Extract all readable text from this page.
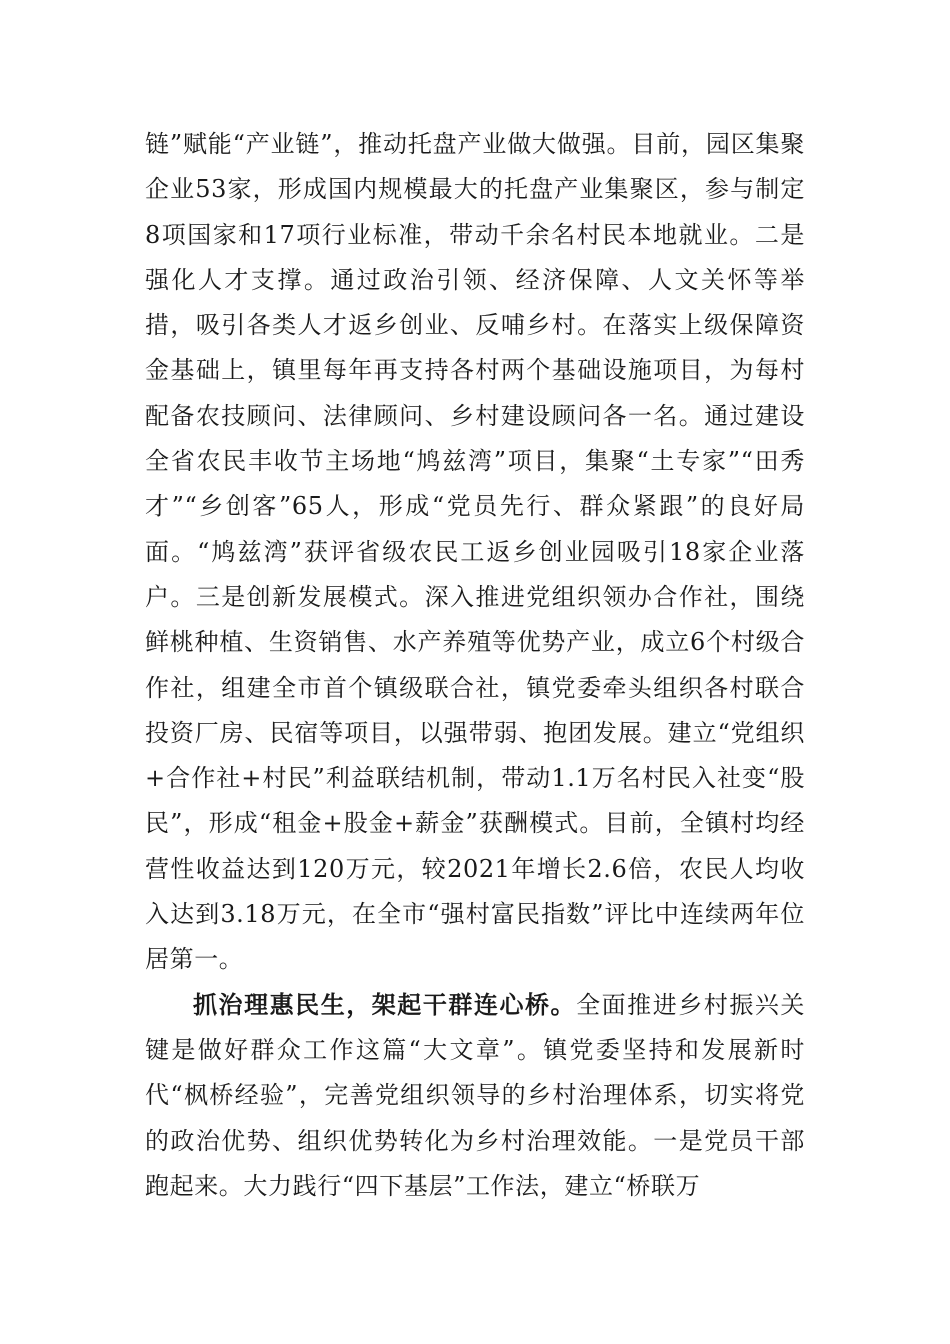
链”赋能“产业链”，推动托盘产业做大做强。目前，园区集聚企业53家，形成国内规模最大的托盘产业集聚区，参与制定8项国家和17项行业标准，带动千余名村民本地就业。二是强化人才支撑。通过政治引领、经济保障、人文关怀等举措，吸引各类人才返乡创业、反哺乡村。在落实上级保障资金基础上，镇里每年再支持各村两个基础设施项目，为每村配备农技顾问、法律顾问、乡村建设顾问各一名。通过建设全省农民丰收节主场地“鸠兹湾”项目，集聚“土专家”“田秀才”“乡创客”65人，形成“党员先行、群众紧跟”的良好局面。“鸠兹湾”获评省级农民工返乡创业园吸引18家企业落户。三是创新发展模式。深入推进党组织领办合作社，围绕鲜桃种植、生资销售、水产养殖等优势产业，成立6个村级合作社，组建全市首个镇级联合社，镇党委牵头组织各村联合投资厂房、民宿等项目，以强带弱、抱团发展。建立“党组织+合作社+村民”利益联结机制，带动1.1万名村民入社变“股民”，形成“租金+股金+薪金”获酬模式。目前，全镇村均经营性收益达到120万元，较2021年增长2.6倍，农民人均收入达到3.18万元，在全市“强村富民指数”评比中连续两年位居第一。

抓治理惠民生，架起干群连心桥。全面推进乡村振兴关键是做好群众工作这篇“大文章”。镇党委坚持和发展新时代“枫桥经验”，完善党组织领导的乡村治理体系，切实将党的政治优势、组织优势转化为乡村治理效能。一是党员干部跑起来。大力践行“四下基层”工作法，建立“桥联万
